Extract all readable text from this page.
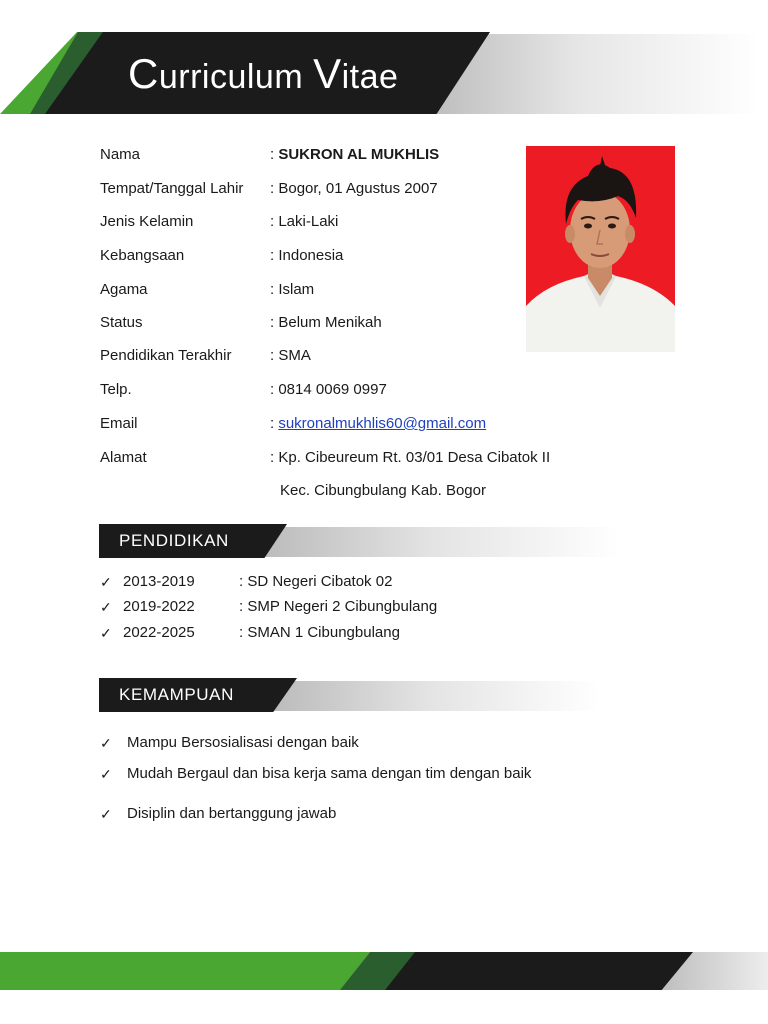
Curriculum Vitae
Nama	: SUKRON AL MUKHLIS
Tempat/Tanggal Lahir : Bogor, 01 Agustus 2007
Jenis Kelamin	: Laki-Laki
Kebangsaan	: Indonesia
Agama	: Islam
Status	: Belum Menikah
Pendidikan Terakhir	: SMA
Telp.	: 0814 0069 0997
Email	: sukronalmukhlis60@gmail.com
Alamat	: Kp. Cibeureum Rt. 03/01 Desa Cibatok II
Kec. Cibungbulang Kab. Bogor
PENDIDIKAN
✓ 2013-2019	: SD Negeri Cibatok 02
✓ 2019-2022	: SMP Negeri 2 Cibungbulang
✓ 2022-2025	: SMAN 1 Cibungbulang
KEMAMPUAN
✓ Mampu Bersosialisasi dengan baik
✓ Mudah Bergaul dan bisa kerja sama dengan tim dengan baik
✓ Disiplin dan bertanggung jawab
